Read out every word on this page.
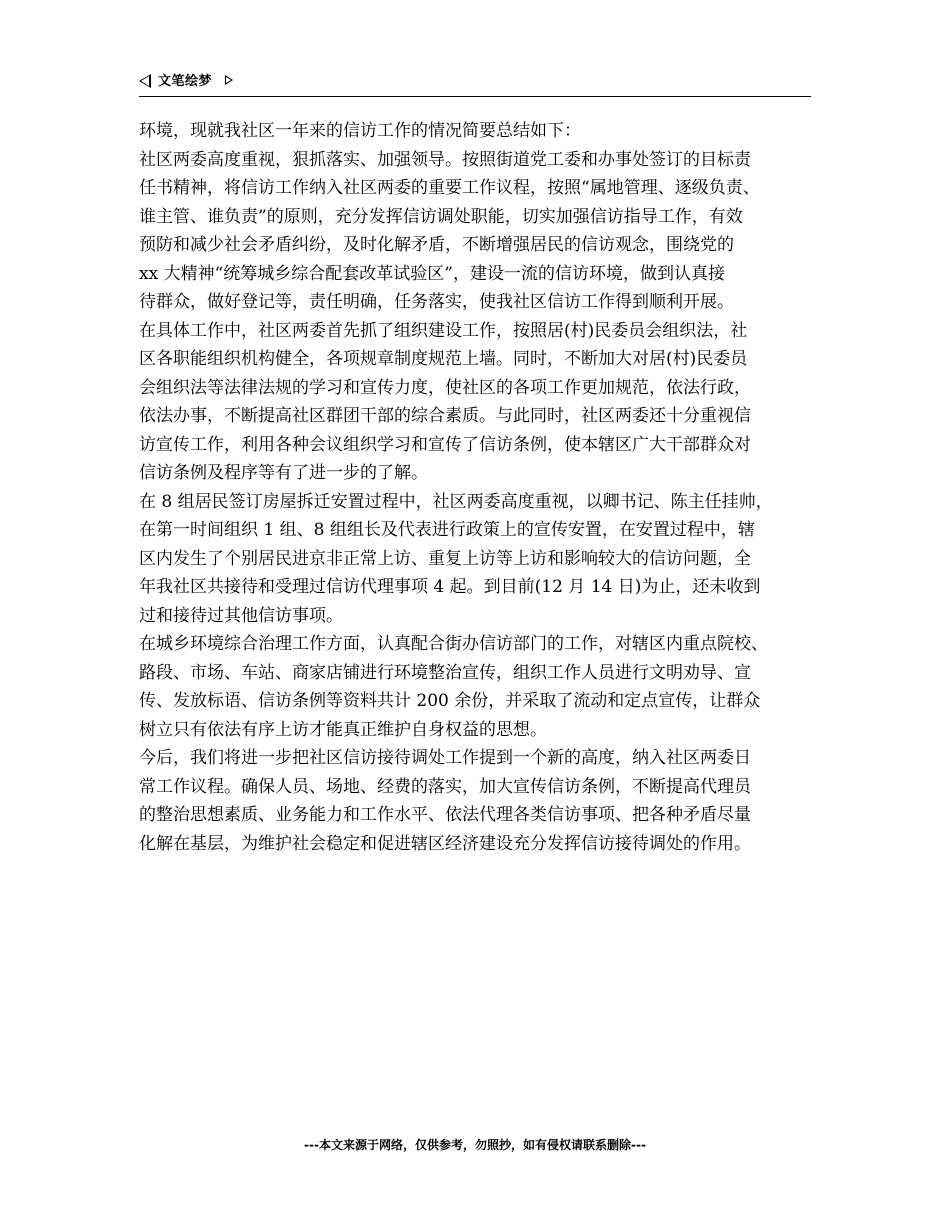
文笔绘梦
环境，现就我社区一年来的信访工作的情况简要总结如下：
社区两委高度重视，狠抓落实、加强领导。按照街道党工委和办事处签订的目标责
任书精神，将信访工作纳入社区两委的重要工作议程，按照“属地管理、逐级负责、
谁主管、谁负责”的原则，充分发挥信访调处职能，切实加强信访指导工作，有效
预防和减少社会矛盾纠纷，及时化解矛盾，不断增强居民的信访观念，围绕党的
xx 大精神“统筹城乡综合配套改革试验区”，建设一流的信访环境，做到认真接
待群众，做好登记等，责任明确，任务落实，使我社区信访工作得到顺利开展。
在具体工作中，社区两委首先抓了组织建设工作，按照居(村)民委员会组织法，社
区各职能组织机构健全，各项规章制度规范上墙。同时，不断加大对居(村)民委员
会组织法等法律法规的学习和宣传力度，使社区的各项工作更加规范，依法行政，
依法办事，不断提高社区群团干部的综合素质。与此同时，社区两委还十分重视信
访宣传工作，利用各种会议组织学习和宣传了信访条例，使本辖区广大干部群众对
信访条例及程序等有了进一步的了解。
在 8 组居民签订房屋拆迁安置过程中，社区两委高度重视，以卿书记、陈主任挂帅，
在第一时间组织 1 组、8 组组长及代表进行政策上的宣传安置，在安置过程中，辖
区内发生了个别居民进京非正常上访、重复上访等上访和影响较大的信访问题，全
年我社区共接待和受理过信访代理事项 4 起。到目前(12 月 14 日)为止，还未收到
过和接待过其他信访事项。
在城乡环境综合治理工作方面，认真配合街办信访部门的工作，对辖区内重点院校、
路段、市场、车站、商家店铺进行环境整治宣传，组织工作人员进行文明劝导、宣
传、发放标语、信访条例等资料共计 200 余份，并采取了流动和定点宣传，让群众
树立只有依法有序上访才能真正维护自身权益的思想。
今后，我们将进一步把社区信访接待调处工作提到一个新的高度，纳入社区两委日
常工作议程。确保人员、场地、经费的落实，加大宣传信访条例，不断提高代理员
的整治思想素质、业务能力和工作水平、依法代理各类信访事项、把各种矛盾尽量
化解在基层，为维护社会稳定和促进辖区经济建设充分发挥信访接待调处的作用。
---本文来源于网络，仅供参考，勿照抄，如有侵权请联系删除---
